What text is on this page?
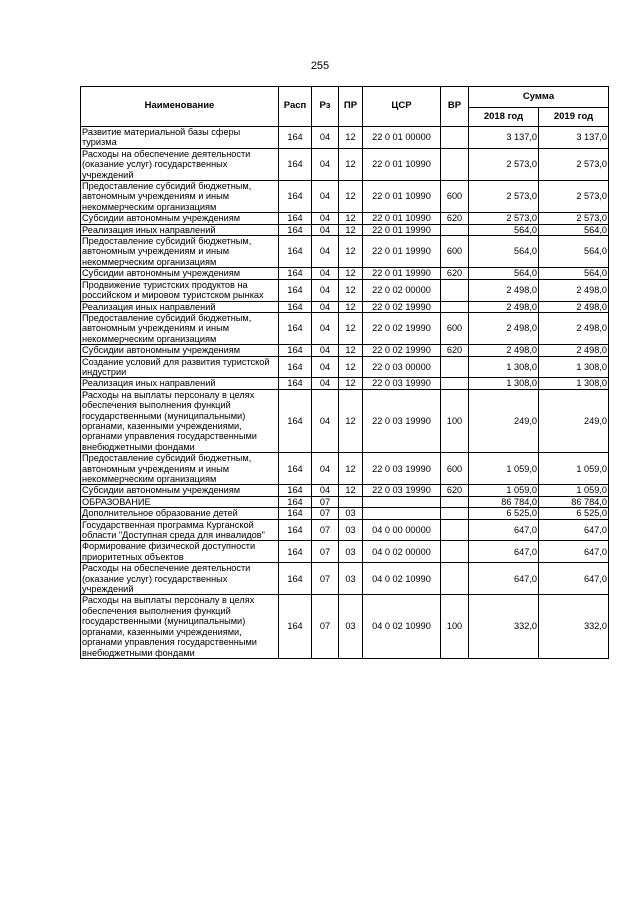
255
Наименование	Расп	Рз	ПР	ЦСР	ВР	Сумма	
						2018 год	2019 год
Развитие материальной базы сферы туризма	164	04	12	22 0 01 00000		3 137,0	3 137,0
Расходы на обеспечение деятельности (оказание услуг) государственных учреждений	164	04	12	22 0 01 10990		2 573,0	2 573,0
Предоставление субсидий бюджетным, автономным учреждениям и иным некоммерческим организациям	164	04	12	22 0 01 10990	600	2 573,0	2 573,0
Субсидии автономным учреждениям	164	04	12	22 0 01 10990	620	2 573,0	2 573,0
Реализация иных направлений	164	04	12	22 0 01 19990		564,0	564,0
Предоставление субсидий бюджетным, автономным учреждениям и иным некоммерческим организациям	164	04	12	22 0 01 19990	600	564,0	564,0
Субсидии автономным учреждениям	164	04	12	22 0 01 19990	620	564,0	564,0
Продвижение туристских продуктов на российском и мировом туристском рынках	164	04	12	22 0 02 00000		2 498,0	2 498,0
Реализация иных направлений	164	04	12	22 0 02 19990		2 498,0	2 498,0
Предоставление субсидий бюджетным, автономным учреждениям и иным некоммерческим организациям	164	04	12	22 0 02 19990	600	2 498,0	2 498,0
Субсидии автономным учреждениям	164	04	12	22 0 02 19990	620	2 498,0	2 498,0
Создание условий для развития туристской индустрии	164	04	12	22 0 03 00000		1 308,0	1 308,0
Реализация иных направлений	164	04	12	22 0 03 19990		1 308,0	1 308,0
Расходы на выплаты персоналу в целях обеспечения выполнения функций государственными (муниципальными) органами, казенными учреждениями, органами управления государственными внебюджетными фондами	164	04	12	22 0 03 19990	100	249,0	249,0
Предоставление субсидий бюджетным, автономным учреждениям и иным некоммерческим организациям	164	04	12	22 0 03 19990	600	1 059,0	1 059,0
Субсидии автономным учреждениям	164	04	12	22 0 03 19990	620	1 059,0	1 059,0
ОБРАЗОВАНИЕ	164	07				86 784,0	86 784,0
Дополнительное образование детей	164	07	03			6 525,0	6 525,0
Государственная программа Курганской области "Доступная среда для инвалидов"	164	07	03	04 0 00 00000		647,0	647,0
Формирование физической доступности приоритетных объектов	164	07	03	04 0 02 00000		647,0	647,0
Расходы на обеспечение деятельности (оказание услуг) государственных учреждений	164	07	03	04 0 02 10990		647,0	647,0
Расходы на выплаты персоналу в целях обеспечения выполнения функций государственными (муниципальными) органами, казенными учреждениями, органами управления государственными внебюджетными фондами	164	07	03	04 0 02 10990	100	332,0	332,0
